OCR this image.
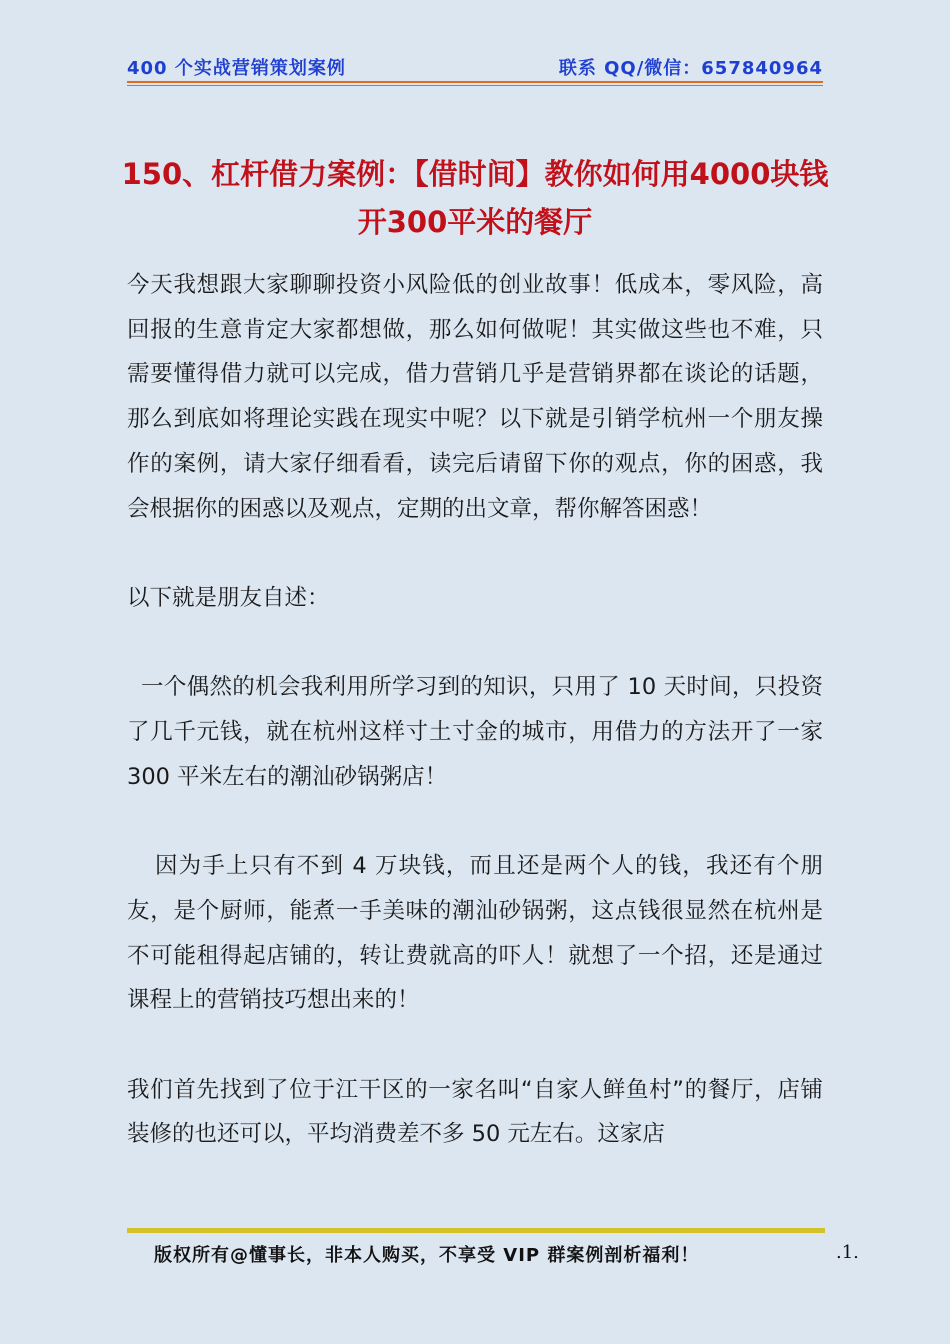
400 个实战营销策划案例	联系 QQ/微信：657840964
150、杠杆借力案例：【借时间】教你如何用4000块钱开300平米的餐厅

今天我想跟大家聊聊投资小风险低的创业故事！低成本，零风险，高回报的生意肯定大家都想做，那么如何做呢！其实做这些也不难，只需要懂得借力就可以完成，借力营销几乎是营销界都在谈论的话题，那么到底如将理论实践在现实中呢？以下就是引销学杭州一个朋友操作的案例，请大家仔细看看，读完后请留下你的观点，你的困惑，我会根据你的困惑以及观点，定期的出文章，帮你解答困惑！

以下就是朋友自述：

一个偶然的机会我利用所学习到的知识，只用了 10 天时间，只投资了几千元钱，就在杭州这样寸土寸金的城市，用借力的方法开了一家 300 平米左右的潮汕砂锅粥店！

因为手上只有不到 4 万块钱，而且还是两个人的钱，我还有个朋友，是个厨师，能煮一手美味的潮汕砂锅粥，这点钱很显然在杭州是不可能租得起店铺的，转让费就高的吓人！就想了一个招，还是通过课程上的营销技巧想出来的！

我们首先找到了位于江干区的一家名叫“自家人鲜鱼村”的餐厅，店铺装修的也还可以，平均消费差不多 50 元左右。这家店

版权所有@懂事长，非本人购买，不享受 VIP 群案例剖析福利！	.1.
